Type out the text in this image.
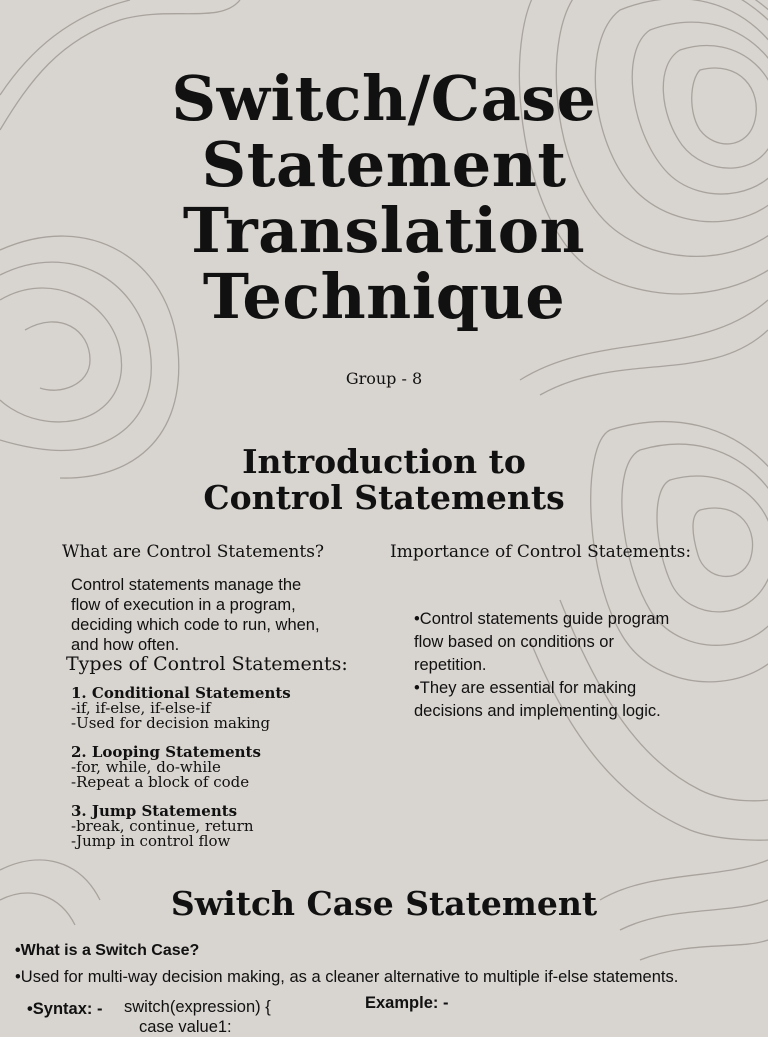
Switch/Case
Statement
Translation
Technique
Group - 8
Introduction to
Control Statements
What are Control Statements?	Importance of Control Statements:
Control statements manage the
flow of execution in a program,
deciding which code to run, when,
and how often.
Types of Control Statements:
1. Conditional Statements
-if, if-else, if-else-if
-Used for decision making
2. Looping Statements
-for, while, do-while
-Repeat a block of code
3. Jump Statements
-break, continue, return
-Jump in control flow
•Control statements guide program
flow based on conditions or
repetition.
•They are essential for making
decisions and implementing logic.
Switch Case Statement
•What is a Switch Case?
•Used for multi-way decision making, as a cleaner alternative to multiple if-else statements.
•Syntax: - switch(expression) {
case value1:
Example: -
